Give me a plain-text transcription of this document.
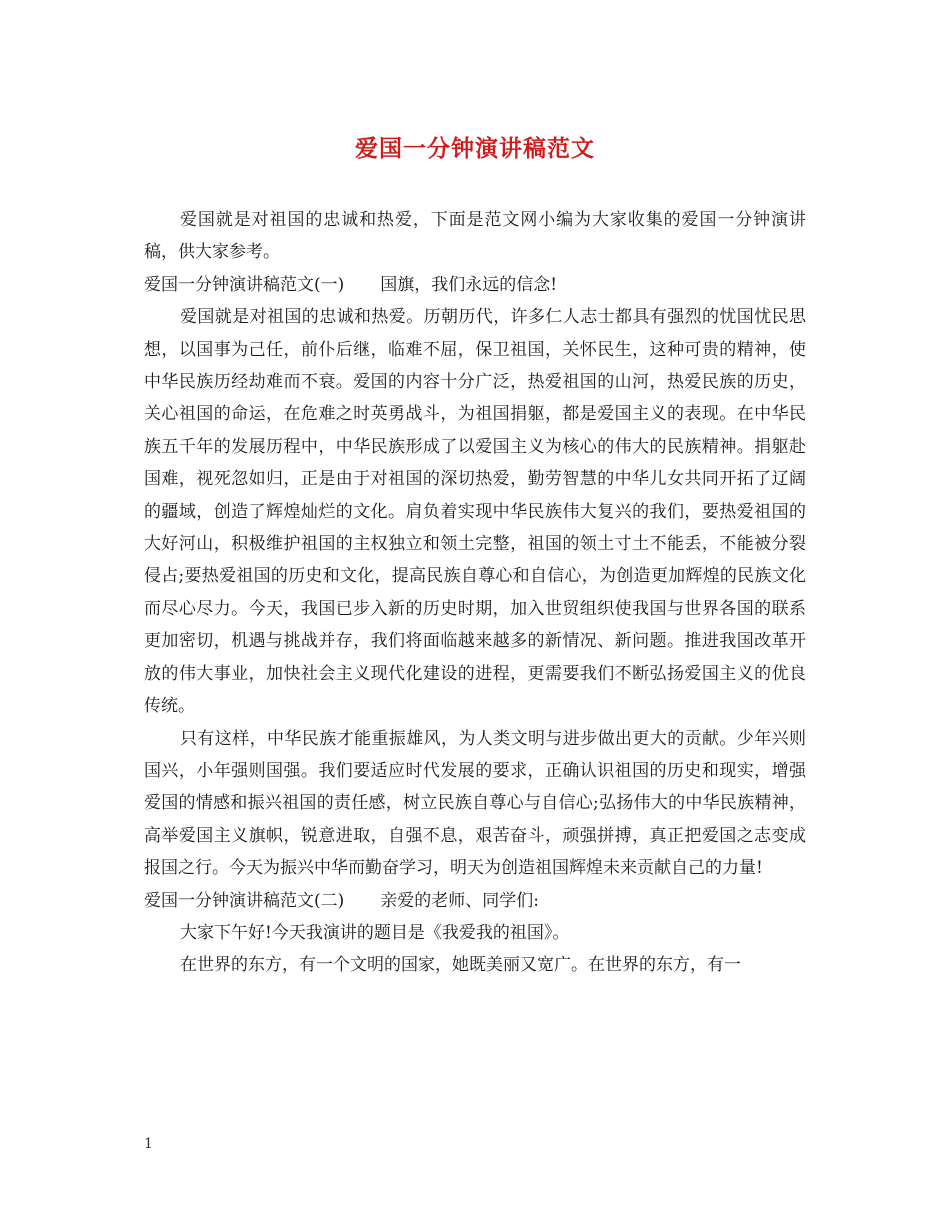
爱国一分钟演讲稿范文

爱国就是对祖国的忠诚和热爱，下面是范文网小编为大家收集的爱国一分钟演讲稿，供大家参考。

爱国一分钟演讲稿范文(一) 国旗，我们永远的信念!

爱国就是对祖国的忠诚和热爱。历朝历代，许多仁人志士都具有强烈的忧国忧民思想，以国事为己任，前仆后继，临难不屈，保卫祖国，关怀民生，这种可贵的精神，使中华民族历经劫难而不衰。爱国的内容十分广泛，热爱祖国的山河，热爱民族的历史，关心祖国的命运，在危难之时英勇战斗，为祖国捐躯，都是爱国主义的表现。在中华民族五千年的发展历程中，中华民族形成了以爱国主义为核心的伟大的民族精神。捐躯赴国难，视死忽如归，正是由于对祖国的深切热爱，勤劳智慧的中华儿女共同开拓了辽阔的疆域，创造了辉煌灿烂的文化。肩负着实现中华民族伟大复兴的我们，要热爱祖国的大好河山，积极维护祖国的主权独立和领土完整，祖国的领土寸土不能丢，不能被分裂侵占;要热爱祖国的历史和文化，提高民族自尊心和自信心，为创造更加辉煌的民族文化而尽心尽力。今天，我国已步入新的历史时期，加入世贸组织使我国与世界各国的联系更加密切，机遇与挑战并存，我们将面临越来越多的新情况、新问题。推进我国改革开放的伟大事业，加快社会主义现代化建设的进程，更需要我们不断弘扬爱国主义的优良传统。

只有这样，中华民族才能重振雄风，为人类文明与进步做出更大的贡献。少年兴则国兴，小年强则国强。我们要适应时代发展的要求，正确认识祖国的历史和现实，增强爱国的情感和振兴祖国的责任感，树立民族自尊心与自信心;弘扬伟大的中华民族精神，高举爱国主义旗帜，锐意进取，自强不息，艰苦奋斗，顽强拼搏，真正把爱国之志变成报国之行。今天为振兴中华而勤奋学习，明天为创造祖国辉煌未来贡献自己的力量!

爱国一分钟演讲稿范文(二) 亲爱的老师、同学们:

大家下午好!今天我演讲的题目是《我爱我的祖国》。

在世界的东方，有一个文明的国家，她既美丽又宽广。在世界的东方，有一

1
